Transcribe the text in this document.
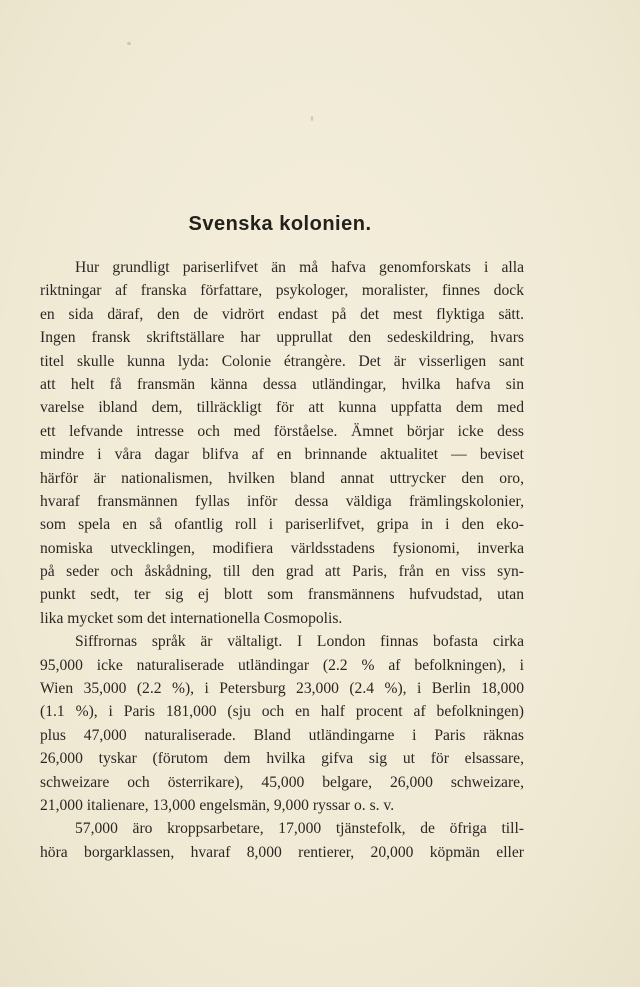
Svenska kolonien.
Hur grundligt pariserlifvet än må hafva genomforskats i alla
riktningar af franska författare, psykologer, moralister, finnes dock
en sida däraf, den de vidrört endast på det mest flyktiga sätt.
Ingen fransk skriftställare har upprullat den sedeskildring, hvars
titel skulle kunna lyda: Colonie étrangère. Det är visserligen sant
att helt få fransmän känna dessa utländingar, hvilka hafva sin
varelse ibland dem, tillräckligt för att kunna uppfatta dem med
ett lefvande intresse och med förståelse. Ämnet börjar icke dess
mindre i våra dagar blifva af en brinnande aktualitet — beviset
härför är nationalismen, hvilken bland annat uttrycker den oro,
hvaraf fransmännen fyllas inför dessa väldiga främlingskolonier,
som spela en så ofantlig roll i pariserlifvet, gripa in i den eko-
nomiska utvecklingen, modifiera världsstadens fysionomi, inverka
på seder och åskådning, till den grad att Paris, från en viss syn-
punkt sedt, ter sig ej blott som fransmännens hufvudstad, utan
lika mycket som det internationella Cosmopolis.
Siffrornas språk är vältaligt. I London finnas bofasta cirka
95,000 icke naturaliserade utländingar (2.2 % af befolkningen), i
Wien 35,000 (2.2 %), i Petersburg 23,000 (2.4 %), i Berlin 18,000
(1.1 %), i Paris 181,000 (sju och en half procent af befolkningen)
plus 47,000 naturaliserade. Bland utländingarne i Paris räknas
26,000 tyskar (förutom dem hvilka gifva sig ut för elsassare,
schweizare och österrikare), 45,000 belgare, 26,000 schweizare,
21,000 italienare, 13,000 engelsmän, 9,000 ryssar o. s. v.
57,000 äro kroppsarbetare, 17,000 tjänstefolk, de öfriga till-
höra borgarklassen, hvaraf 8,000 rentierer, 20,000 köpmän eller
